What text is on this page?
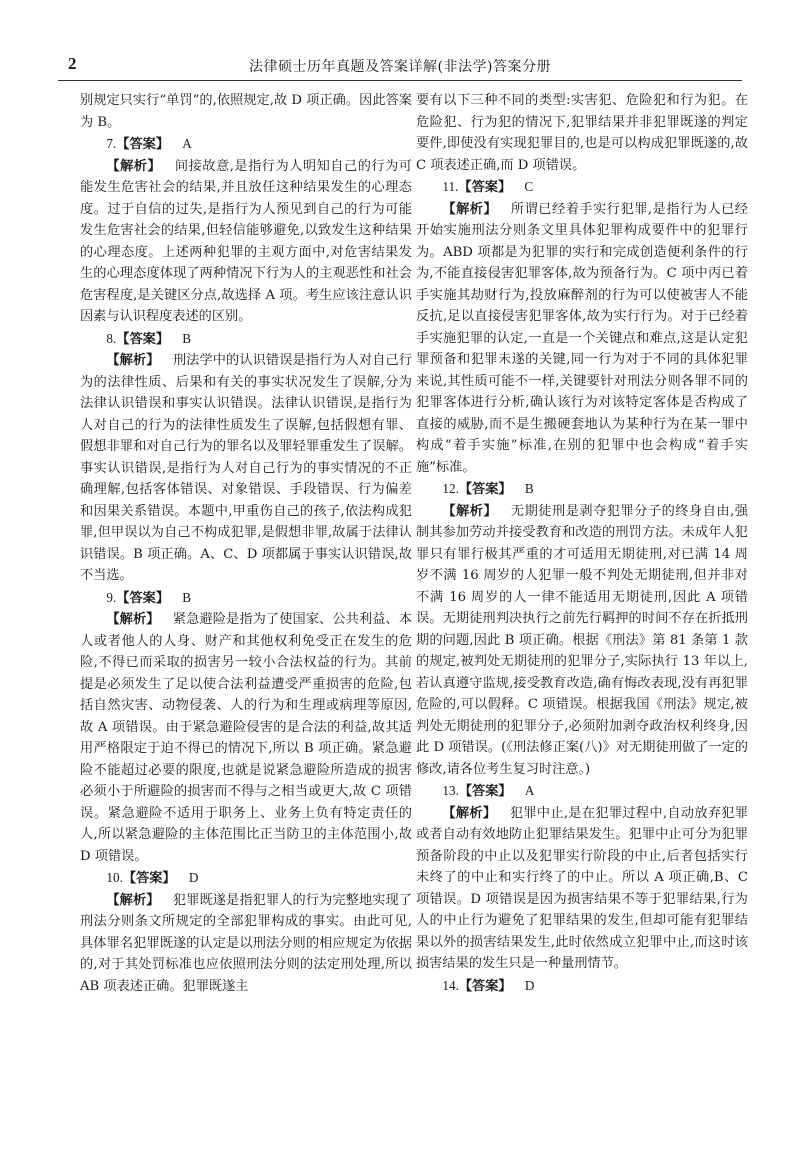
2	法律硕士历年真题及答案详解(非法学)答案分册

别规定只实行“单罚”的,依照规定,故 D 项正确。因此答案为 B。

7.【答案】  A

【解析】  间接故意,是指行为人明知自己的行为可能发生危害社会的结果,并且放任这种结果发生的心理态度。过于自信的过失,是指行为人预见到自己的行为可能发生危害社会的结果,但轻信能够避免,以致发生这种结果的心理态度。上述两种犯罪的主观方面中,对危害结果发生的心理态度体现了两种情况下行为人的主观恶性和社会危害程度,是关键区分点,故选择 A 项。考生应该注意认识因素与认识程度表述的区别。

8.【答案】  B

【解析】  刑法学中的认识错误是指行为人对自己行为的法律性质、后果和有关的事实状况发生了误解,分为法律认识错误和事实认识错误。法律认识错误,是指行为人对自己的行为的法律性质发生了误解,包括假想有罪、假想非罪和对自己行为的罪名以及罪轻罪重发生了误解。事实认识错误,是指行为人对自己行为的事实情况的不正确理解,包括客体错误、对象错误、手段错误、行为偏差和因果关系错误。本题中,甲重伤自己的孩子,依法构成犯罪,但甲误以为自己不构成犯罪,是假想非罪,故属于法律认识错误。B 项正确。A、C、D 项都属于事实认识错误,故不当选。

9.【答案】  B

【解析】  紧急避险是指为了使国家、公共利益、本人或者他人的人身、财产和其他权利免受正在发生的危险,不得已而采取的损害另一较小合法权益的行为。其前提是必须发生了足以使合法利益遭受严重损害的危险,包括自然灾害、动物侵袭、人的行为和生理或病理等原因,故 A 项错误。由于紧急避险侵害的是合法的利益,故其适用严格限定于迫不得已的情况下,所以 B 项正确。紧急避险不能超过必要的限度,也就是说紧急避险所造成的损害必须小于所避险的损害而不得与之相当或更大,故 C 项错误。紧急避险不适用于职务上、业务上负有特定责任的人,所以紧急避险的主体范围比正当防卫的主体范围小,故 D 项错误。

10.【答案】  D

【解析】  犯罪既遂是指犯罪人的行为完整地实现了刑法分则条文所规定的全部犯罪构成的事实。由此可见,具体罪名犯罪既遂的认定是以刑法分则的相应规定为依据的,对于其处罚标准也应依照刑法分则的法定刑处理,所以 AB 项表述正确。犯罪既遂主

要有以下三种不同的类型:实害犯、危险犯和行为犯。在危险犯、行为犯的情况下,犯罪结果并非犯罪既遂的判定要件,即使没有实现犯罪目的,也是可以构成犯罪既遂的,故 C 项表述正确,而 D 项错误。

11.【答案】  C

【解析】  所谓已经着手实行犯罪,是指行为人已经开始实施刑法分则条文里具体犯罪构成要件中的犯罪行为。ABD 项都是为犯罪的实行和完成创造便利条件的行为,不能直接侵害犯罪客体,故为预备行为。C 项中丙已着手实施其劫财行为,投放麻醉剂的行为可以使被害人不能反抗,足以直接侵害犯罪客体,故为实行行为。对于已经着手实施犯罪的认定,一直是一个关键点和难点,这是认定犯罪预备和犯罪未遂的关键,同一行为对于不同的具体犯罪来说,其性质可能不一样,关键要针对刑法分则各罪不同的犯罪客体进行分析,确认该行为对该特定客体是否构成了直接的威胁,而不是生搬硬套地认为某种行为在某一罪中构成“着手实施”标准,在别的犯罪中也会构成“着手实施”标准。

12.【答案】  B

【解析】  无期徒刑是剥夺犯罪分子的终身自由,强制其参加劳动并接受教育和改造的刑罚方法。未成年人犯罪只有罪行极其严重的才可适用无期徒刑,对已满 14 周岁不满 16 周岁的人犯罪一般不判处无期徒刑,但并非对不满 16 周岁的人一律不能适用无期徒刑,因此 A 项错误。无期徒刑判决执行之前先行羁押的时间不存在折抵刑期的问题,因此 B 项正确。根据《刑法》第 81 条第 1 款的规定,被判处无期徒刑的犯罪分子,实际执行 13 年以上,若认真遵守监规,接受教育改造,确有悔改表现,没有再犯罪危险的,可以假释。C 项错误。根据我国《刑法》规定,被判处无期徒刑的犯罪分子,必须附加剥夺政治权利终身,因此 D 项错误。(《刑法修正案(八)》对无期徒刑做了一定的修改,请各位考生复习时注意。)

13.【答案】  A

【解析】  犯罪中止,是在犯罪过程中,自动放弃犯罪或者自动有效地防止犯罪结果发生。犯罪中止可分为犯罪预备阶段的中止以及犯罪实行阶段的中止,后者包括实行未终了的中止和实行终了的中止。所以 A 项正确,B、C 项错误。D 项错误是因为损害结果不等于犯罪结果,行为人的中止行为避免了犯罪结果的发生,但却可能有犯罪结果以外的损害结果发生,此时依然成立犯罪中止,而这时该损害结果的发生只是一种量刑情节。

14.【答案】  D
